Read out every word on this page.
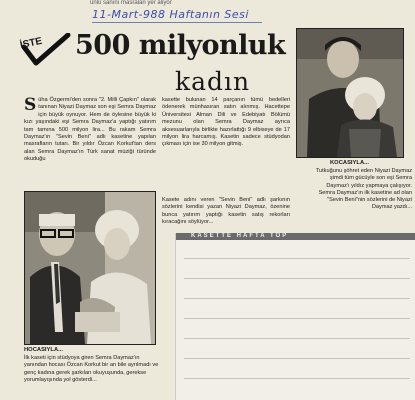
ünlü sanını masralan yer aliyor
11-Mart-988 Haftanın Sesi
İŞTE 500 milyonluk
kadın
Süha Özgermi'den sonra "2. Milli Çapkın" olarak tanınan Niyazi Daymaz son eşi Semra Daymaz için büyük oynuyor. Hem de öylesine büyük ki kızı yaşındaki eşi Semra Daymaz'a yaptığı yatırım tam tamına 500 milyon lira... Bu rakam Semra Daymaz'ın "Sevin Beni" adlı kasetine yapılan masrafların tutarı. Bir yıldır Özcan Korkut'tan ders alan Semra Daymaz'ın Türk sanat müziği türünde okuduğu
kasette bulunan 14 parçanın tümü bedelleri ödenerek münhasıran satın alınmış. Hacettepe Üniversitesi Alman Dili ve Edebiyatı Bölümü mezunu olan Semra Daymaz ayrıca aksesuarlarıyla birlikte hazırlattığı 9 elbiseye de 17 milyon lira harcamış. Kasetin sadece stüdyodan çıkması için ise 30 milyon gitmiş.
Kasete adını veren "Sevin Beni" adlı şarkının sözlerini kendisi yazan Niyazi Daymaz, özenine bunca yatırım yaptığı kasetin satış rekorları kıracağını söylüyor...
HOCASIYLA...
İlk kaseti için stüdyoya giren Semra Daymaz'ın yanından hocası Özcan Korkut bir an bile ayrılmadı ve genç kadına gerek şarkıları okuyuşunda, gerekse yorumlayışında yol gösterdi...
KOCASIYLA...
Tutkuğunu şöhret eden Niyazi Daymaz şimdi tüm gücüyle son eşi Semra Daymaz'ı yıldız yapmaya çalışıyor. Semra Daymaz'ın ilk kasetine ad olan "Sevin Beni"nin sözlerini de Niyazi Daymaz yazdı...
KASETTE HAFTA TOP
